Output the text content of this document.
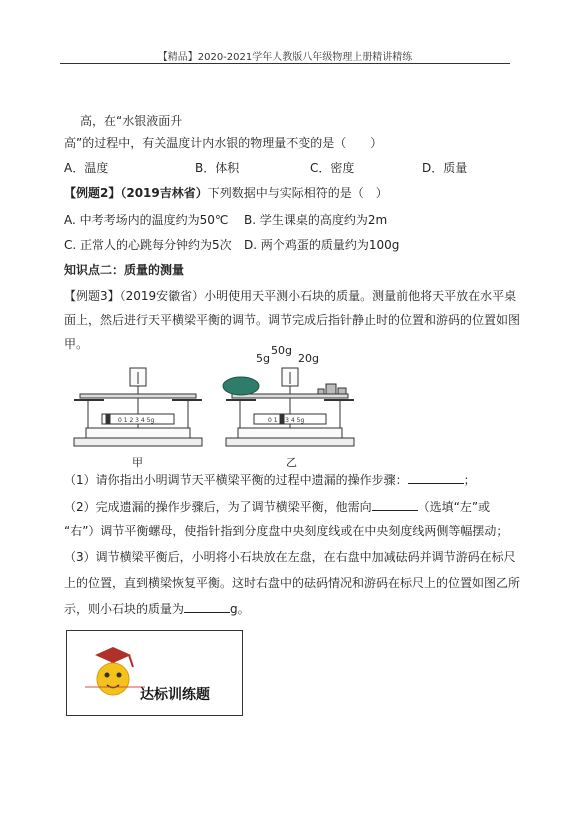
【精品】2020-2021学年人教版八年级物理上册精讲精练
高，在“水银液面升
高”的过程中，有关温度计内水银的物理量不变的是（　　）
A．温度	B．体积	C．密度	D．质量
【例题2】（2019吉林省）下列数据中与实际相符的是（　）
A. 中考考场内的温度约为50℃ B. 学生课桌的高度约为2m
C. 正常人的心跳每分钟约为5次 D. 两个鸡蛋的质量约为100g
知识点二：质量的测量
【例题3】（2019安徽省）小明使用天平测小石块的质量。测量前他将天平放在水平桌
面上，然后进行天平横梁平衡的调节。调节完成后指针静止时的位置和游码的位置如图
甲。
0 1 2 3 4 5g	0 1 2 3 4 5g
50g
20g
5g
甲	乙
（1）请你指出小明调节天平横梁平衡的过程中遗漏的操作步骤：	；
（2）完成遗漏的操作步骤后，为了调节横梁平衡，他需向	（选填“左”或
“右”）调节平衡螺母，使指针指到分度盘中央刻度线或在中央刻度线两侧等幅摆动；
（3）调节横梁平衡后，小明将小石块放在左盘，在右盘中加减砝码并调节游码在标尺
上的位置，直到横梁恢复平衡。这时右盘中的砝码情况和游码在标尺上的位置如图乙所
示，则小石块的质量为	g。
达标训练题
